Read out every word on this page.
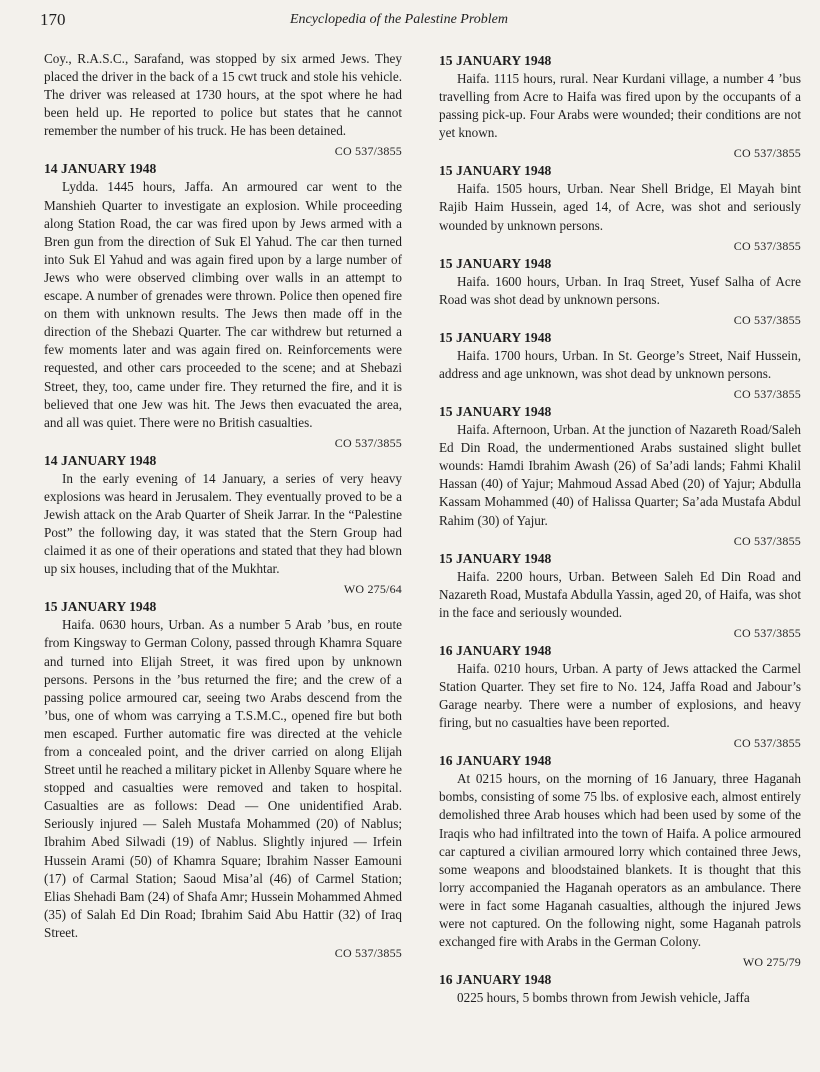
170	Encyclopedia of the Palestine Problem

Coy., R.A.S.C., Sarafand, was stopped by six armed Jews. They placed the driver in the back of a 15 cwt truck and stole his vehicle. The driver was released at 1730 hours, at the spot where he had been held up. He reported to police but states that he cannot remember the number of his truck. He has been detained.

CO 537/3855

14 JANUARY 1948

Lydda. 1445 hours, Jaffa. An armoured car went to the Manshieh Quarter to investigate an explosion. While proceeding along Station Road, the car was fired upon by Jews armed with a Bren gun from the direction of Suk El Yahud. The car then turned into Suk El Yahud and was again fired upon by a large number of Jews who were observed climbing over walls in an attempt to escape. A number of grenades were thrown. Police then opened fire on them with unknown results. The Jews then made off in the direction of the Shebazi Quarter. The car withdrew but returned a few moments later and was again fired on. Reinforcements were requested, and other cars proceeded to the scene; and at Shebazi Street, they, too, came under fire. They returned the fire, and it is believed that one Jew was hit. The Jews then evacuated the area, and all was quiet. There were no British casualties.

CO 537/3855

14 JANUARY 1948

In the early evening of 14 January, a series of very heavy explosions was heard in Jerusalem. They eventually proved to be a Jewish attack on the Arab Quarter of Sheik Jarrar. In the “Palestine Post” the following day, it was stated that the Stern Group had claimed it as one of their operations and stated that they had blown up six houses, including that of the Mukhtar.

WO 275/64

15 JANUARY 1948

Haifa. 0630 hours, Urban. As a number 5 Arab ’bus, en route from Kingsway to German Colony, passed through Khamra Square and turned into Elijah Street, it was fired upon by unknown persons. Persons in the ’bus returned the fire; and the crew of a passing police armoured car, seeing two Arabs descend from the ’bus, one of whom was carrying a T.S.M.C., opened fire but both men escaped. Further automatic fire was directed at the vehicle from a concealed point, and the driver carried on along Elijah Street until he reached a military picket in Allenby Square where he stopped and casualties were removed and taken to hospital. Casualties are as follows: Dead — One unidentified Arab. Seriously injured — Saleh Mustafa Mohammed (20) of Nablus; Ibrahim Abed Silwadi (19) of Nablus. Slightly injured — Irfein Hussein Arami (50) of Khamra Square; Ibrahim Nasser Eamouni (17) of Carmal Station; Saoud Misa’al (46) of Carmel Station; Elias Shehadi Bam (24) of Shafa Amr; Hussein Mohammed Ahmed (35) of Salah Ed Din Road; Ibrahim Said Abu Hattir (32) of Iraq Street.

CO 537/3855

15 JANUARY 1948

Haifa. 1115 hours, rural. Near Kurdani village, a number 4 ’bus travelling from Acre to Haifa was fired upon by the occupants of a passing pick-up. Four Arabs were wounded; their conditions are not yet known.

CO 537/3855

15 JANUARY 1948

Haifa. 1505 hours, Urban. Near Shell Bridge, El Mayah bint Rajib Haim Hussein, aged 14, of Acre, was shot and seriously wounded by unknown persons.

CO 537/3855

15 JANUARY 1948

Haifa. 1600 hours, Urban. In Iraq Street, Yusef Salha of Acre Road was shot dead by unknown persons.

CO 537/3855

15 JANUARY 1948

Haifa. 1700 hours, Urban. In St. George’s Street, Naif Hussein, address and age unknown, was shot dead by unknown persons.

CO 537/3855

15 JANUARY 1948

Haifa. Afternoon, Urban. At the junction of Nazareth Road/Saleh Ed Din Road, the undermentioned Arabs sustained slight bullet wounds: Hamdi Ibrahim Awash (26) of Sa’adi lands; Fahmi Khalil Hassan (40) of Yajur; Mahmoud Assad Abed (20) of Yajur; Abdulla Kassam Mohammed (40) of Halissa Quarter; Sa’ada Mustafa Abdul Rahim (30) of Yajur.

CO 537/3855

15 JANUARY 1948

Haifa. 2200 hours, Urban. Between Saleh Ed Din Road and Nazareth Road, Mustafa Abdulla Yassin, aged 20, of Haifa, was shot in the face and seriously wounded.

CO 537/3855

16 JANUARY 1948

Haifa. 0210 hours, Urban. A party of Jews attacked the Carmel Station Quarter. They set fire to No. 124, Jaffa Road and Jabour’s Garage nearby. There were a number of explosions, and heavy firing, but no casualties have been reported.

CO 537/3855

16 JANUARY 1948

At 0215 hours, on the morning of 16 January, three Haganah bombs, consisting of some 75 lbs. of explosive each, almost entirely demolished three Arab houses which had been used by some of the Iraqis who had infiltrated into the town of Haifa. A police armoured car captured a civilian armoured lorry which contained three Jews, some weapons and bloodstained blankets. It is thought that this lorry accompanied the Haganah operators as an ambulance. There were in fact some Haganah casualties, although the injured Jews were not captured. On the following night, some Haganah patrols exchanged fire with Arabs in the German Colony.

WO 275/79

16 JANUARY 1948

0225 hours, 5 bombs thrown from Jewish vehicle, Jaffa
